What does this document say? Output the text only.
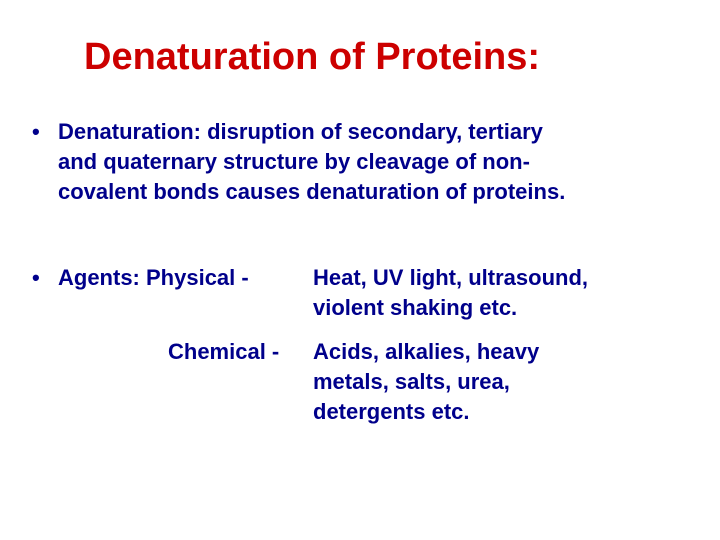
Denaturation of Proteins:
• Denaturation: disruption of secondary, tertiary
and quaternary structure by cleavage of non-
covalent bonds causes denaturation of proteins.
• Agents: Physical -	Heat, UV light, ultrasound,
violent shaking etc.
Chemical - Acids, alkalies, heavy
metals, salts, urea,
detergents etc.
